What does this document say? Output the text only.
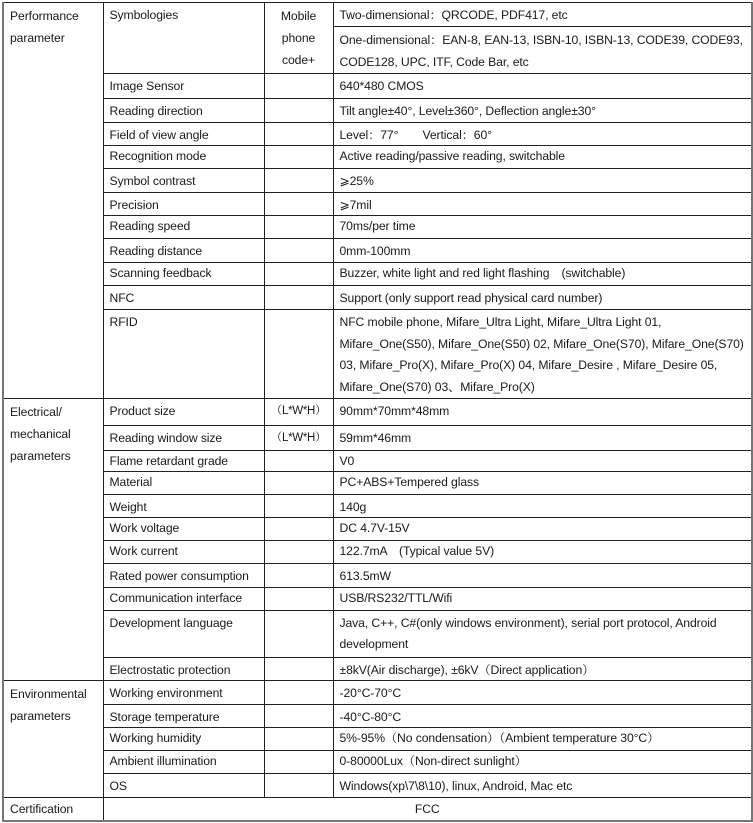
Performance parameter	Symbologies	Mobile phone code+	Two-dimensional：QRCODE, PDF417, etc
			One-dimensional：EAN-8, EAN-13, ISBN-10, ISBN-13, CODE39, CODE93, CODE128, UPC, ITF, Code Bar, etc
	Image Sensor		640*480 CMOS
	Reading direction		Tilt angle±40°, Level±360°, Deflection angle±30°
	Field of view angle		Level：77°　　Vertical：60°
	Recognition mode		Active reading/passive reading, switchable
	Symbol contrast		⩾25%
	Precision		⩾7mil
	Reading speed		70ms/per time
	Reading distance		0mm-100mm
	Scanning feedback		Buzzer, white light and red light flashing　(switchable)
	NFC		Support (only support read physical card number)
	RFID		NFC mobile phone, Mifare_Ultra Light, Mifare_Ultra Light 01, Mifare_One(S50), Mifare_One(S50) 02, Mifare_One(S70), Mifare_One(S70) 03, Mifare_Pro(X), Mifare_Pro(X) 04, Mifare_Desire , Mifare_Desire 05, Mifare_One(S70) 03、Mifare_Pro(X)
Electrical/ mechanical parameters	Product size	（L*W*H）	90mm*70mm*48mm
	Reading window size	（L*W*H）	59mm*46mm
	Flame retardant grade		V0
	Material		PC+ABS+Tempered glass
	Weight		140g
	Work voltage		DC 4.7V-15V
	Work current		122.7mA　(Typical value 5V)
	Rated power consumption		613.5mW
	Communication interface		USB/RS232/TTL/Wifi
	Development language		Java, C++, C#(only windows environment), serial port protocol, Android development
	Electrostatic protection		±8kV(Air discharge), ±6kV（Direct application）
Environmental parameters	Working environment		-20°C-70°C
	Storage temperature		-40°C-80°C
	Working humidity		5%-95%（No condensation）（Ambient temperature 30°C）
	Ambient illumination		0-80000Lux（Non-direct sunlight）
	OS		Windows(xp\7\8\10), linux, Android, Mac etc
Certification	FCC		
